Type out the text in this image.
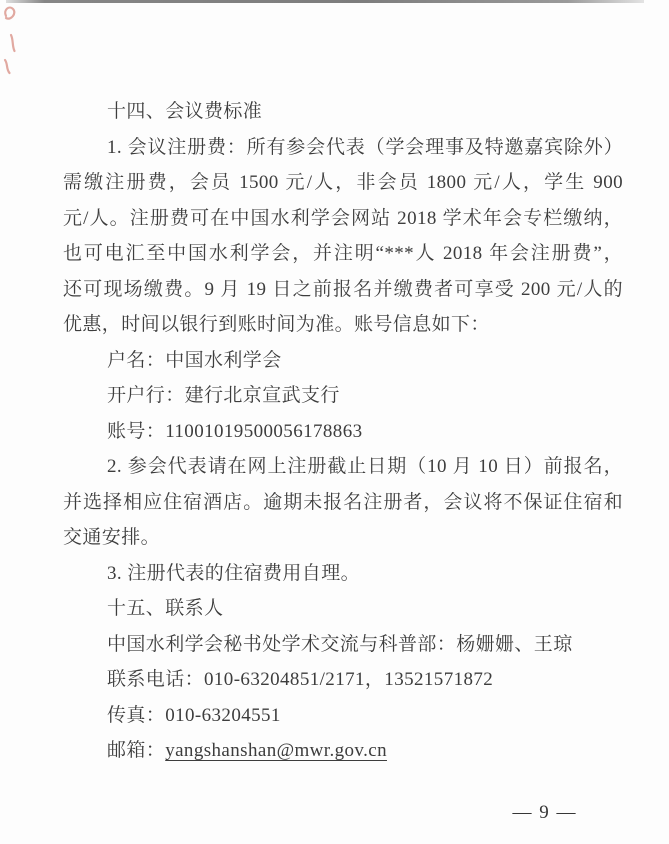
十四、会议费标准
1. 会议注册费：所有参会代表（学会理事及特邀嘉宾除外）
需缴注册费，会员 1500 元/人，非会员 1800 元/人，学生 900
元/人。注册费可在中国水利学会网站 2018 学术年会专栏缴纳，
也可电汇至中国水利学会，并注明“***人 2018 年会注册费”，
还可现场缴费。9 月 19 日之前报名并缴费者可享受 200 元/人的
优惠，时间以银行到账时间为准。账号信息如下：
户名：中国水利学会
开户行：建行北京宣武支行
账号：11001019500056178863
2. 参会代表请在网上注册截止日期（10 月 10 日）前报名，
并选择相应住宿酒店。逾期未报名注册者，会议将不保证住宿和
交通安排。
3. 注册代表的住宿费用自理。
十五、联系人
中国水利学会秘书处学术交流与科普部：杨姗姗、王琼
联系电话：010-63204851/2171，13521571872
传真：010-63204551
邮箱：yangshanshan@mwr.gov.cn
— 9 —
